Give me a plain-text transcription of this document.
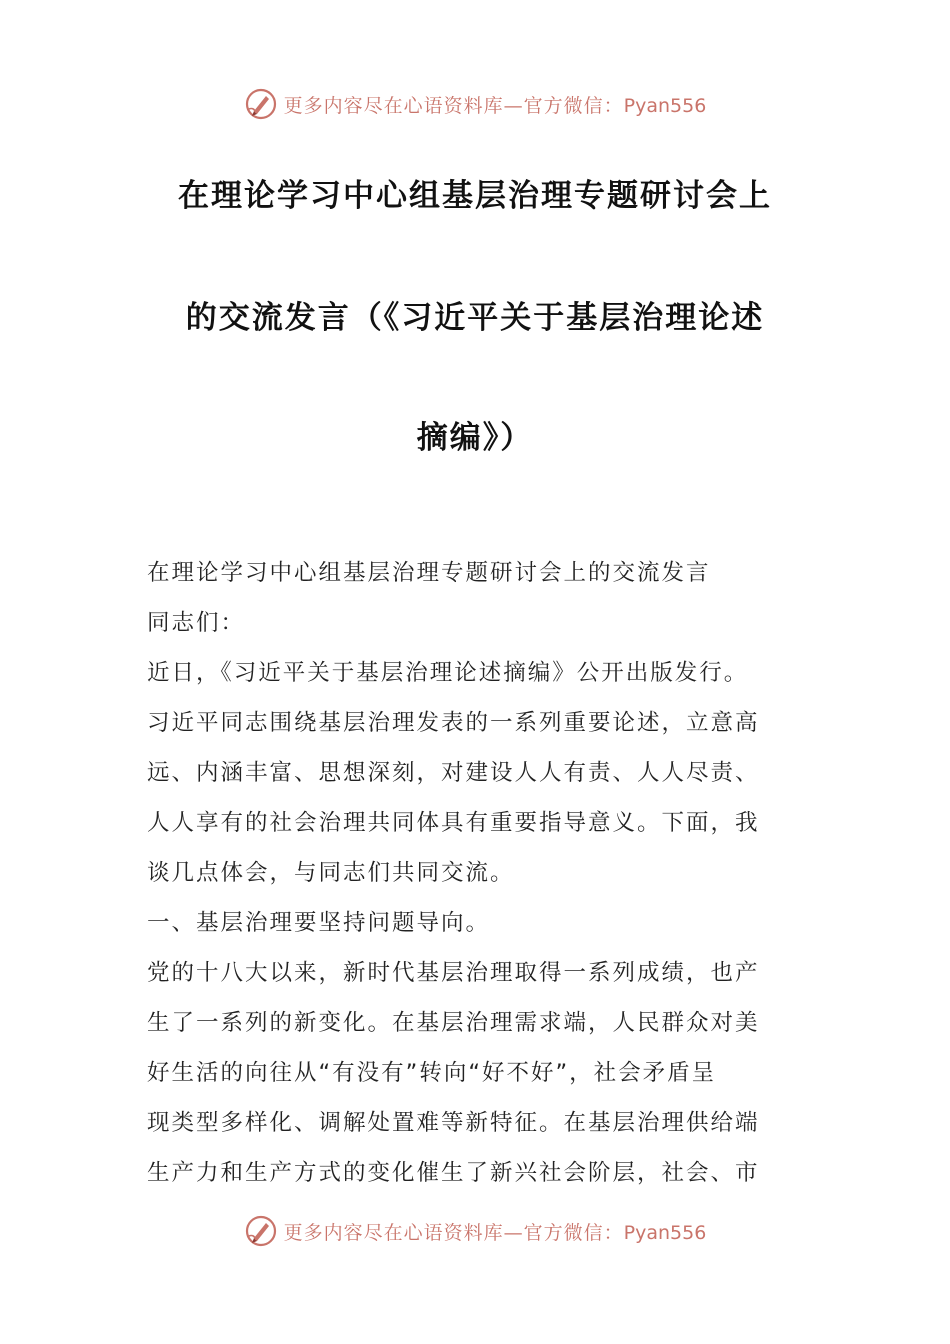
更多内容尽在心语资料库—官方微信：Pyan556
在理论学习中心组基层治理专题研讨会上
的交流发言（《习近平关于基层治理论述
摘编》）
在理论学习中心组基层治理专题研讨会上的交流发言
同志们：
近日，《习近平关于基层治理论述摘编》公开出版发行。
习近平同志围绕基层治理发表的一系列重要论述，立意高
远、内涵丰富、思想深刻，对建设人人有责、人人尽责、
人人享有的社会治理共同体具有重要指导意义。下面，我
谈几点体会，与同志们共同交流。
一、基层治理要坚持问题导向。
党的十八大以来，新时代基层治理取得一系列成绩，也产
生了一系列的新变化。在基层治理需求端，人民群众对美
好生活的向往从“有没有”转向“好不好”，社会矛盾呈
现类型多样化、调解处置难等新特征。在基层治理供给端
生产力和生产方式的变化催生了新兴社会阶层，社会、市
更多内容尽在心语资料库—官方微信：Pyan556
